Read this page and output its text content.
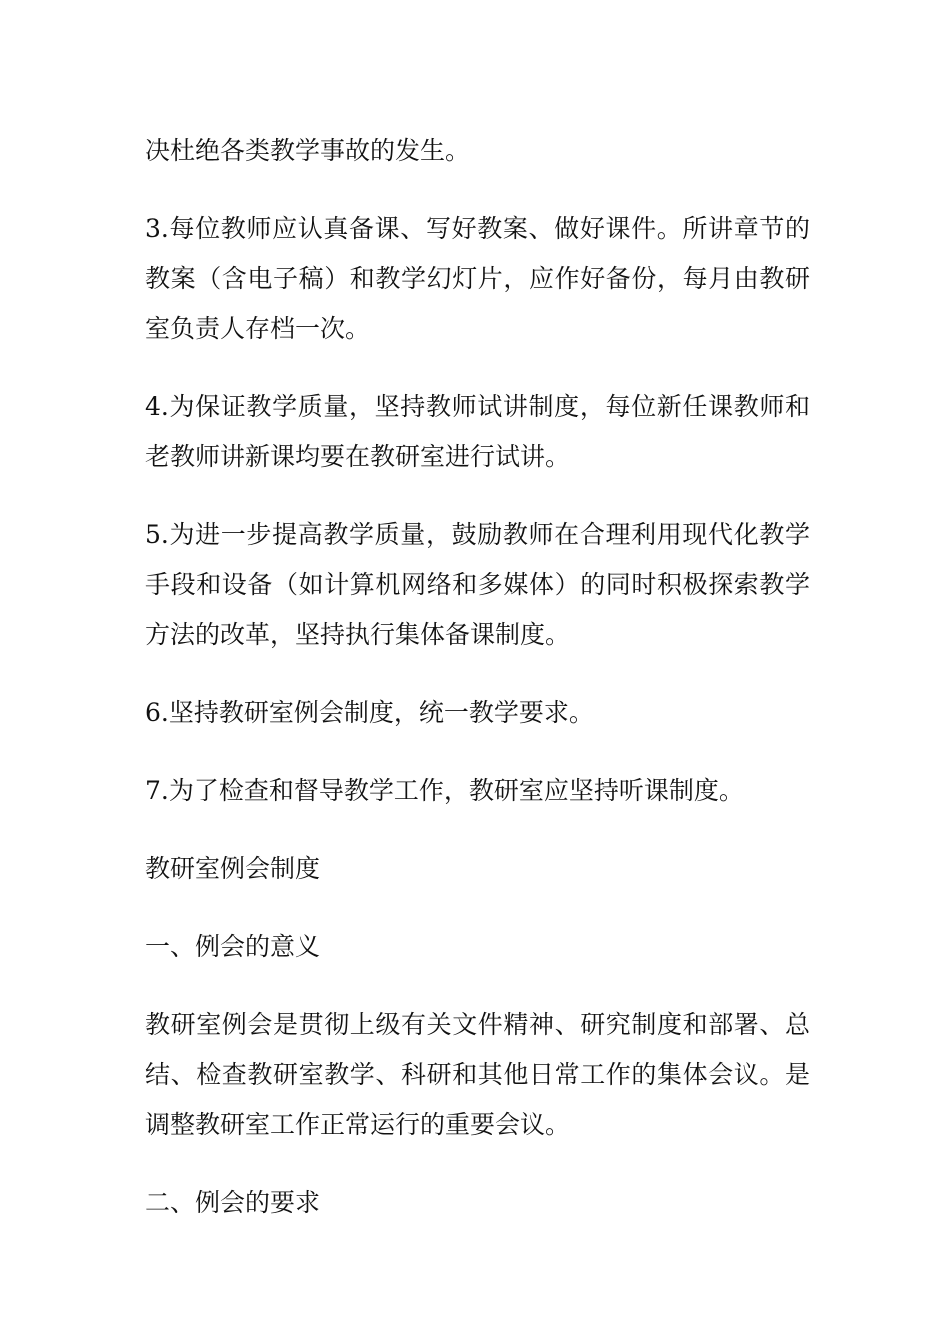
决杜绝各类教学事故的发生。

3.每位教师应认真备课、写好教案、做好课件。所讲章节的教案（含电子稿）和教学幻灯片，应作好备份，每月由教研室负责人存档一次。

4.为保证教学质量，坚持教师试讲制度，每位新任课教师和老教师讲新课均要在教研室进行试讲。

5.为进一步提高教学质量，鼓励教师在合理利用现代化教学手段和设备（如计算机网络和多媒体）的同时积极探索教学方法的改革，坚持执行集体备课制度。

6.坚持教研室例会制度，统一教学要求。

7.为了检查和督导教学工作，教研室应坚持听课制度。

教研室例会制度

一、例会的意义

教研室例会是贯彻上级有关文件精神、研究制度和部署、总结、检查教研室教学、科研和其他日常工作的集体会议。是调整教研室工作正常运行的重要会议。

二、例会的要求
